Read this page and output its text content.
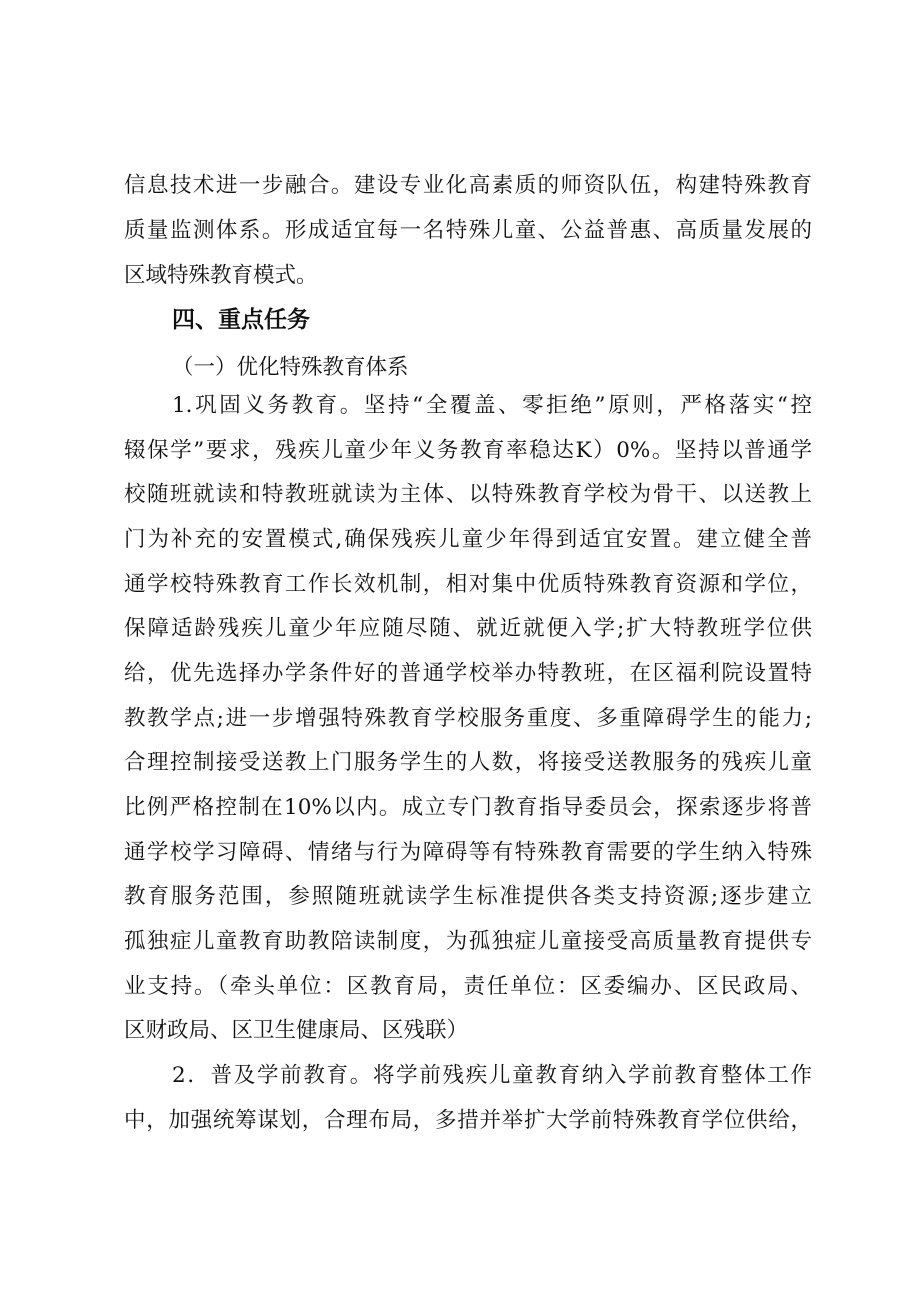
信息技术进一步融合。建设专业化高素质的师资队伍，构建特殊教育
质量监测体系。形成适宜每一名特殊儿童、公益普惠、高质量发展的
区域特殊教育模式。
四、重点任务
（一）优化特殊教育体系
1.巩固义务教育。坚持“全覆盖、零拒绝”原则，严格落实“控
辍保学”要求，残疾儿童少年义务教育率稳达K）0%。坚持以普通学
校随班就读和特教班就读为主体、以特殊教育学校为骨干、以送教上
门为补充的安置模式,确保残疾儿童少年得到适宜安置。建立健全普
通学校特殊教育工作长效机制，相对集中优质特殊教育资源和学位，
保障适龄残疾儿童少年应随尽随、就近就便入学;扩大特教班学位供
给，优先选择办学条件好的普通学校举办特教班，在区福利院设置特
教教学点;进一步增强特殊教育学校服务重度、多重障碍学生的能力;
合理控制接受送教上门服务学生的人数，将接受送教服务的残疾儿童
比例严格控制在10%以内。成立专门教育指导委员会，探索逐步将普
通学校学习障碍、情绪与行为障碍等有特殊教育需要的学生纳入特殊
教育服务范围，参照随班就读学生标准提供各类支持资源;逐步建立
孤独症儿童教育助教陪读制度，为孤独症儿童接受高质量教育提供专
业支持。（牵头单位：区教育局，责任单位：区委编办、区民政局、
区财政局、区卫生健康局、区残联）
2．普及学前教育。将学前残疾儿童教育纳入学前教育整体工作
中，加强统筹谋划，合理布局，多措并举扩大学前特殊教育学位供给，
